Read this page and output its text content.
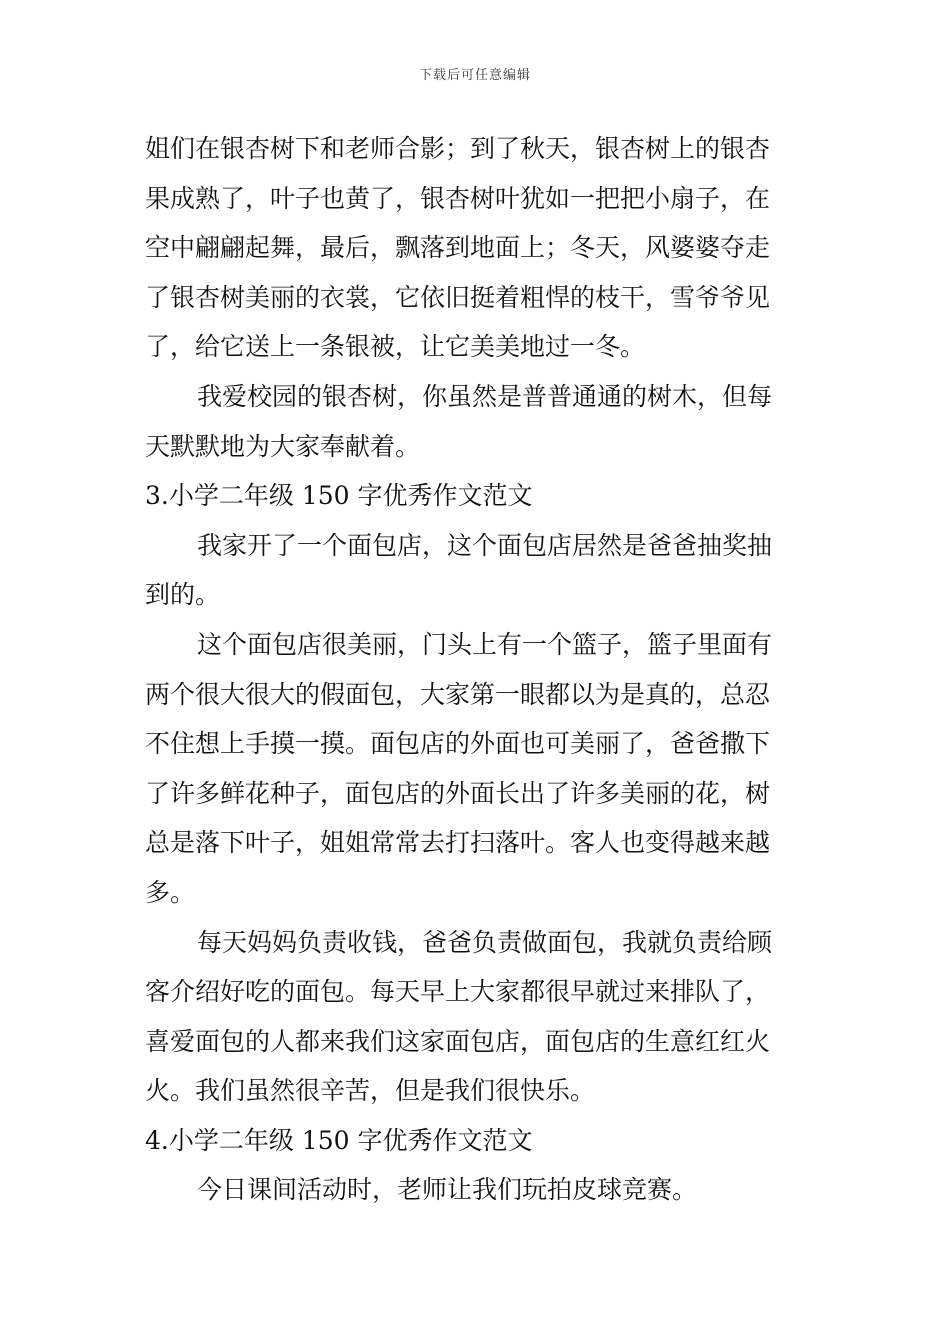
下载后可任意编辑
姐们在银杏树下和老师合影；到了秋天，银杏树上的银杏
果成熟了，叶子也黄了，银杏树叶犹如一把把小扇子，在
空中翩翩起舞，最后，飘落到地面上；冬天，风婆婆夺走
了银杏树美丽的衣裳，它依旧挺着粗悍的枝干，雪爷爷见
了，给它送上一条银被，让它美美地过一冬。
我爱校园的银杏树，你虽然是普普通通的树木，但每
天默默地为大家奉献着。
3.小学二年级 150 字优秀作文范文
我家开了一个面包店，这个面包店居然是爸爸抽奖抽
到的。
这个面包店很美丽，门头上有一个篮子，篮子里面有
两个很大很大的假面包，大家第一眼都以为是真的，总忍
不住想上手摸一摸。面包店的外面也可美丽了，爸爸撒下
了许多鲜花种子，面包店的外面长出了许多美丽的花，树
总是落下叶子，姐姐常常去打扫落叶。客人也变得越来越
多。
每天妈妈负责收钱，爸爸负责做面包，我就负责给顾
客介绍好吃的面包。每天早上大家都很早就过来排队了，
喜爱面包的人都来我们这家面包店，面包店的生意红红火
火。我们虽然很辛苦，但是我们很快乐。
4.小学二年级 150 字优秀作文范文
今日课间活动时，老师让我们玩拍皮球竞赛。
